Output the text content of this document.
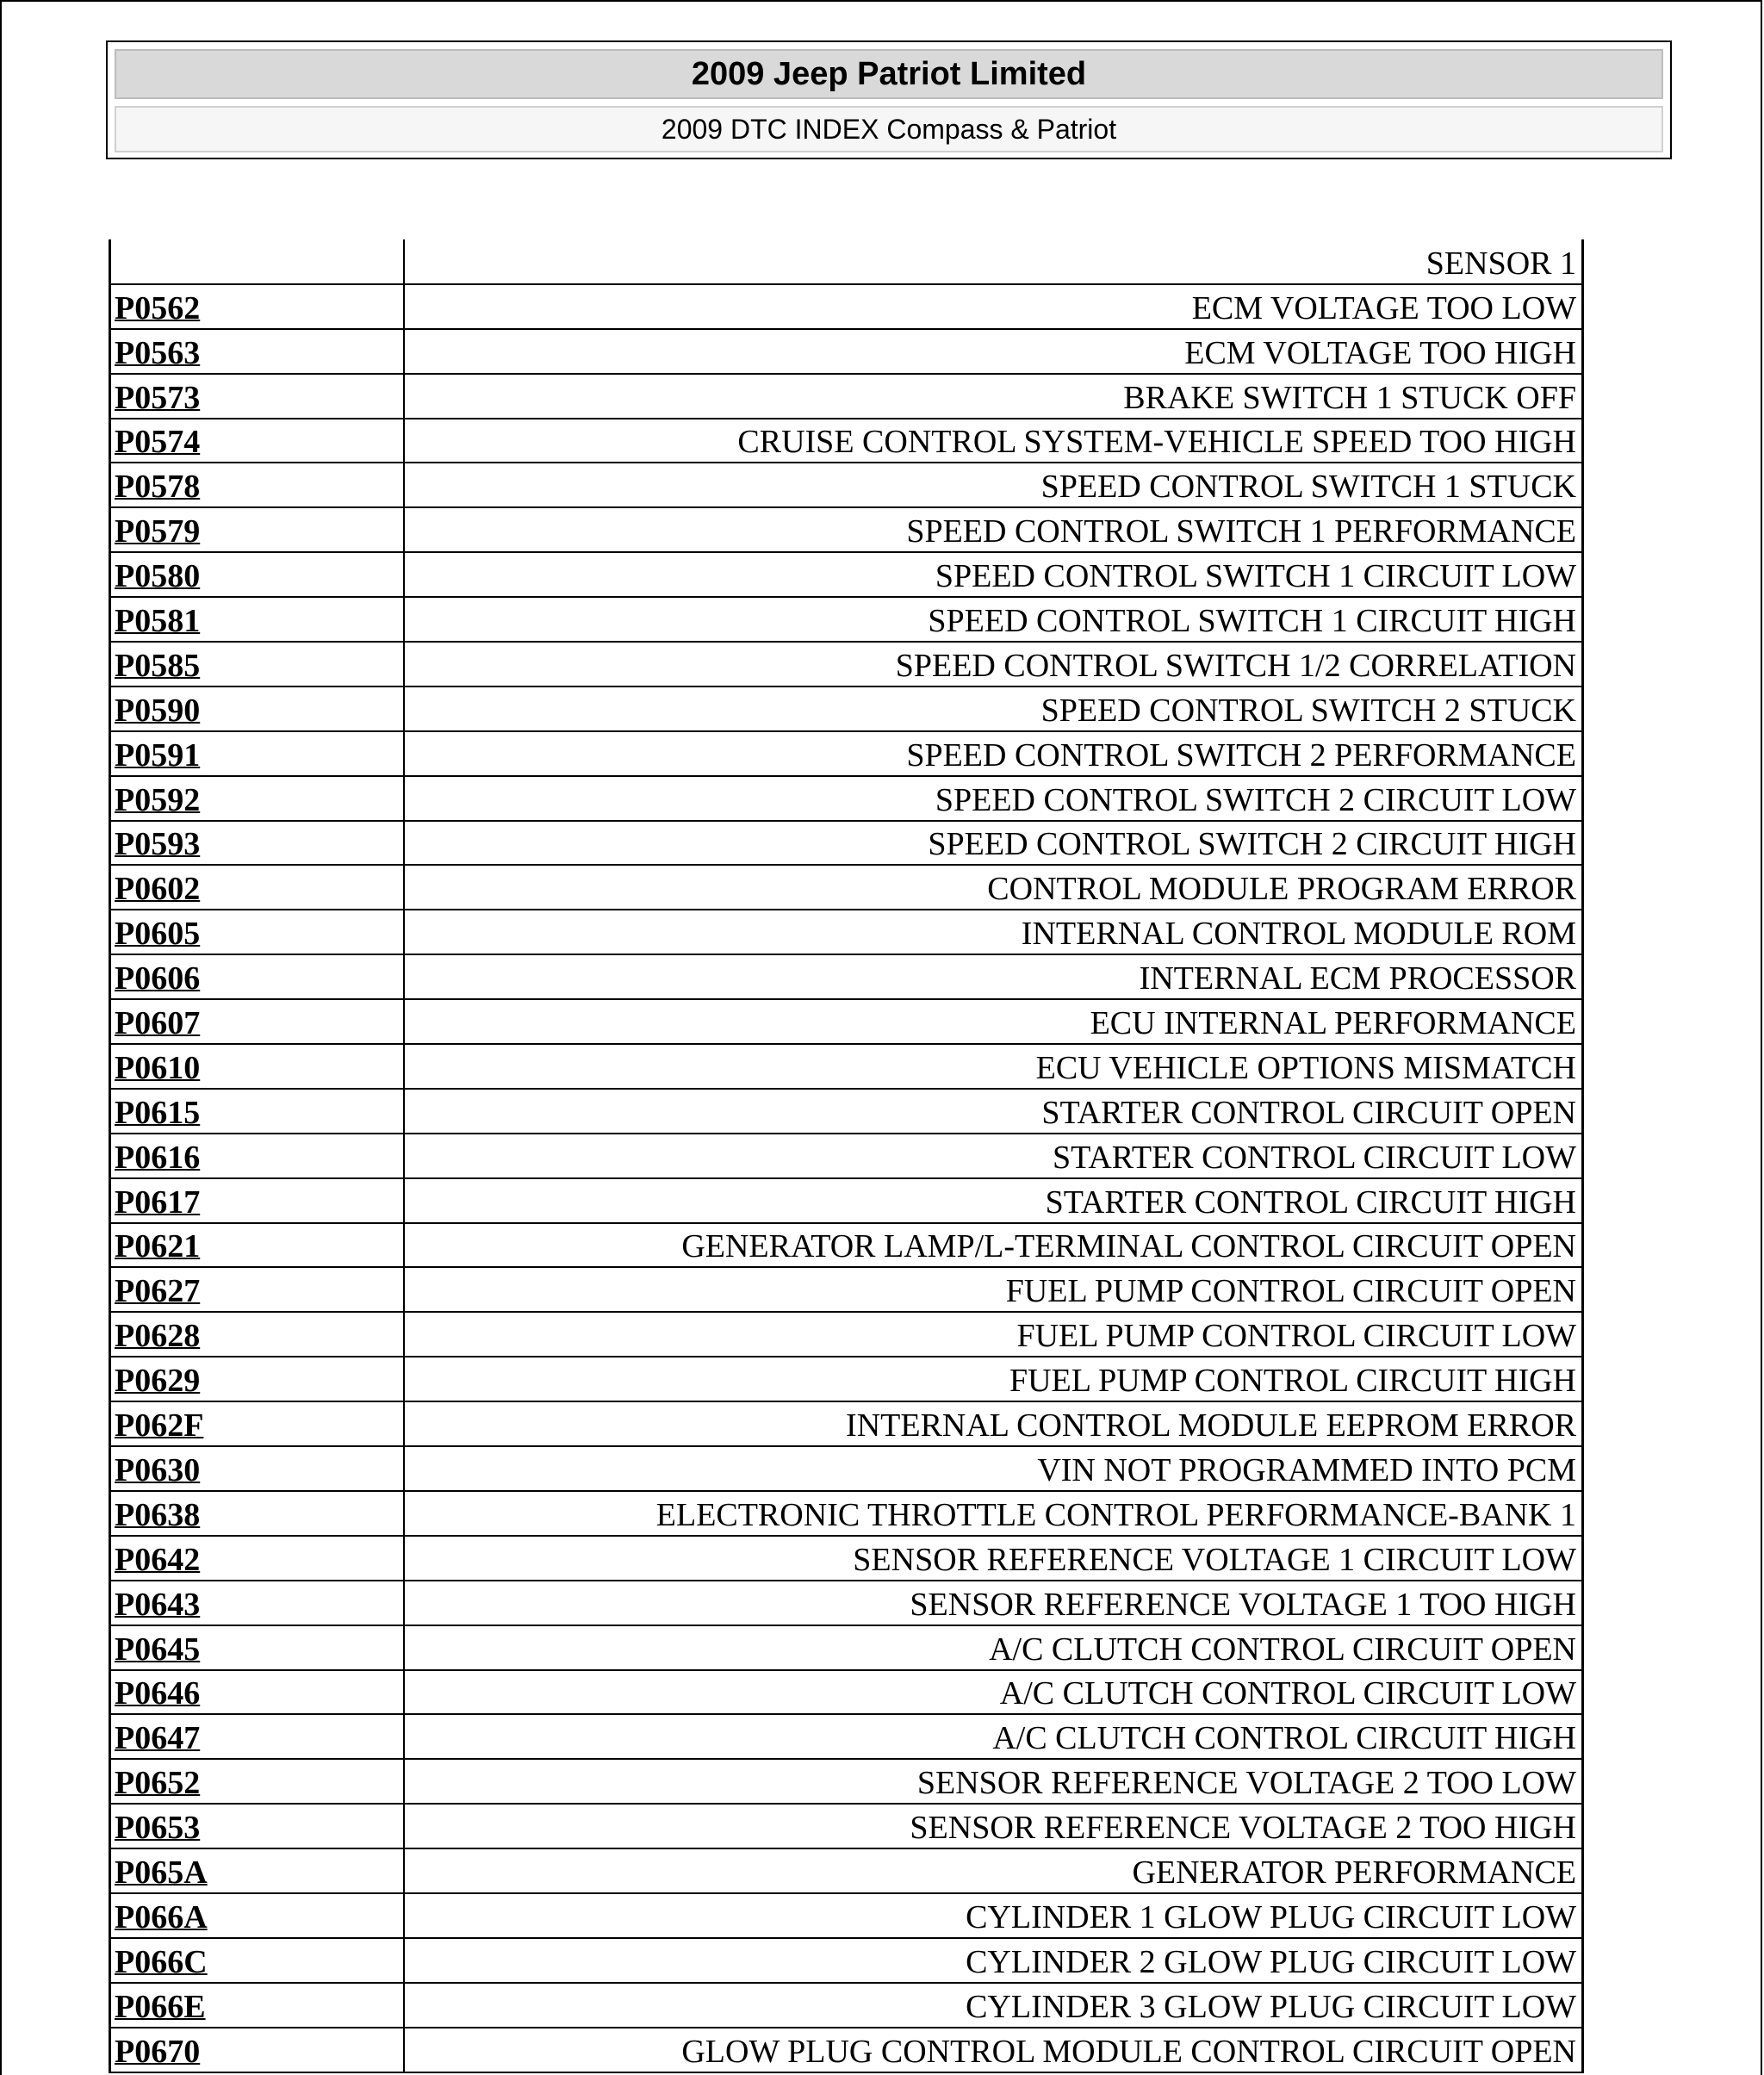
2009 Jeep Patriot Limited
2009 DTC INDEX Compass & Patriot
	SENSOR 1
P0562	ECM VOLTAGE TOO LOW
P0563	ECM VOLTAGE TOO HIGH
P0573	BRAKE SWITCH 1 STUCK OFF
P0574	CRUISE CONTROL SYSTEM-VEHICLE SPEED TOO HIGH
P0578	SPEED CONTROL SWITCH 1 STUCK
P0579	SPEED CONTROL SWITCH 1 PERFORMANCE
P0580	SPEED CONTROL SWITCH 1 CIRCUIT LOW
P0581	SPEED CONTROL SWITCH 1 CIRCUIT HIGH
P0585	SPEED CONTROL SWITCH 1/2 CORRELATION
P0590	SPEED CONTROL SWITCH 2 STUCK
P0591	SPEED CONTROL SWITCH 2 PERFORMANCE
P0592	SPEED CONTROL SWITCH 2 CIRCUIT LOW
P0593	SPEED CONTROL SWITCH 2 CIRCUIT HIGH
P0602	CONTROL MODULE PROGRAM ERROR
P0605	INTERNAL CONTROL MODULE ROM
P0606	INTERNAL ECM PROCESSOR
P0607	ECU INTERNAL PERFORMANCE
P0610	ECU VEHICLE OPTIONS MISMATCH
P0615	STARTER CONTROL CIRCUIT OPEN
P0616	STARTER CONTROL CIRCUIT LOW
P0617	STARTER CONTROL CIRCUIT HIGH
P0621	GENERATOR LAMP/L-TERMINAL CONTROL CIRCUIT OPEN
P0627	FUEL PUMP CONTROL CIRCUIT OPEN
P0628	FUEL PUMP CONTROL CIRCUIT LOW
P0629	FUEL PUMP CONTROL CIRCUIT HIGH
P062F	INTERNAL CONTROL MODULE EEPROM ERROR
P0630	VIN NOT PROGRAMMED INTO PCM
P0638	ELECTRONIC THROTTLE CONTROL PERFORMANCE-BANK 1
P0642	SENSOR REFERENCE VOLTAGE 1 CIRCUIT LOW
P0643	SENSOR REFERENCE VOLTAGE 1 TOO HIGH
P0645	A/C CLUTCH CONTROL CIRCUIT OPEN
P0646	A/C CLUTCH CONTROL CIRCUIT LOW
P0647	A/C CLUTCH CONTROL CIRCUIT HIGH
P0652	SENSOR REFERENCE VOLTAGE 2 TOO LOW
P0653	SENSOR REFERENCE VOLTAGE 2 TOO HIGH
P065A	GENERATOR PERFORMANCE
P066A	CYLINDER 1 GLOW PLUG CIRCUIT LOW
P066C	CYLINDER 2 GLOW PLUG CIRCUIT LOW
P066E	CYLINDER 3 GLOW PLUG CIRCUIT LOW
P0670	GLOW PLUG CONTROL MODULE CONTROL CIRCUIT OPEN
